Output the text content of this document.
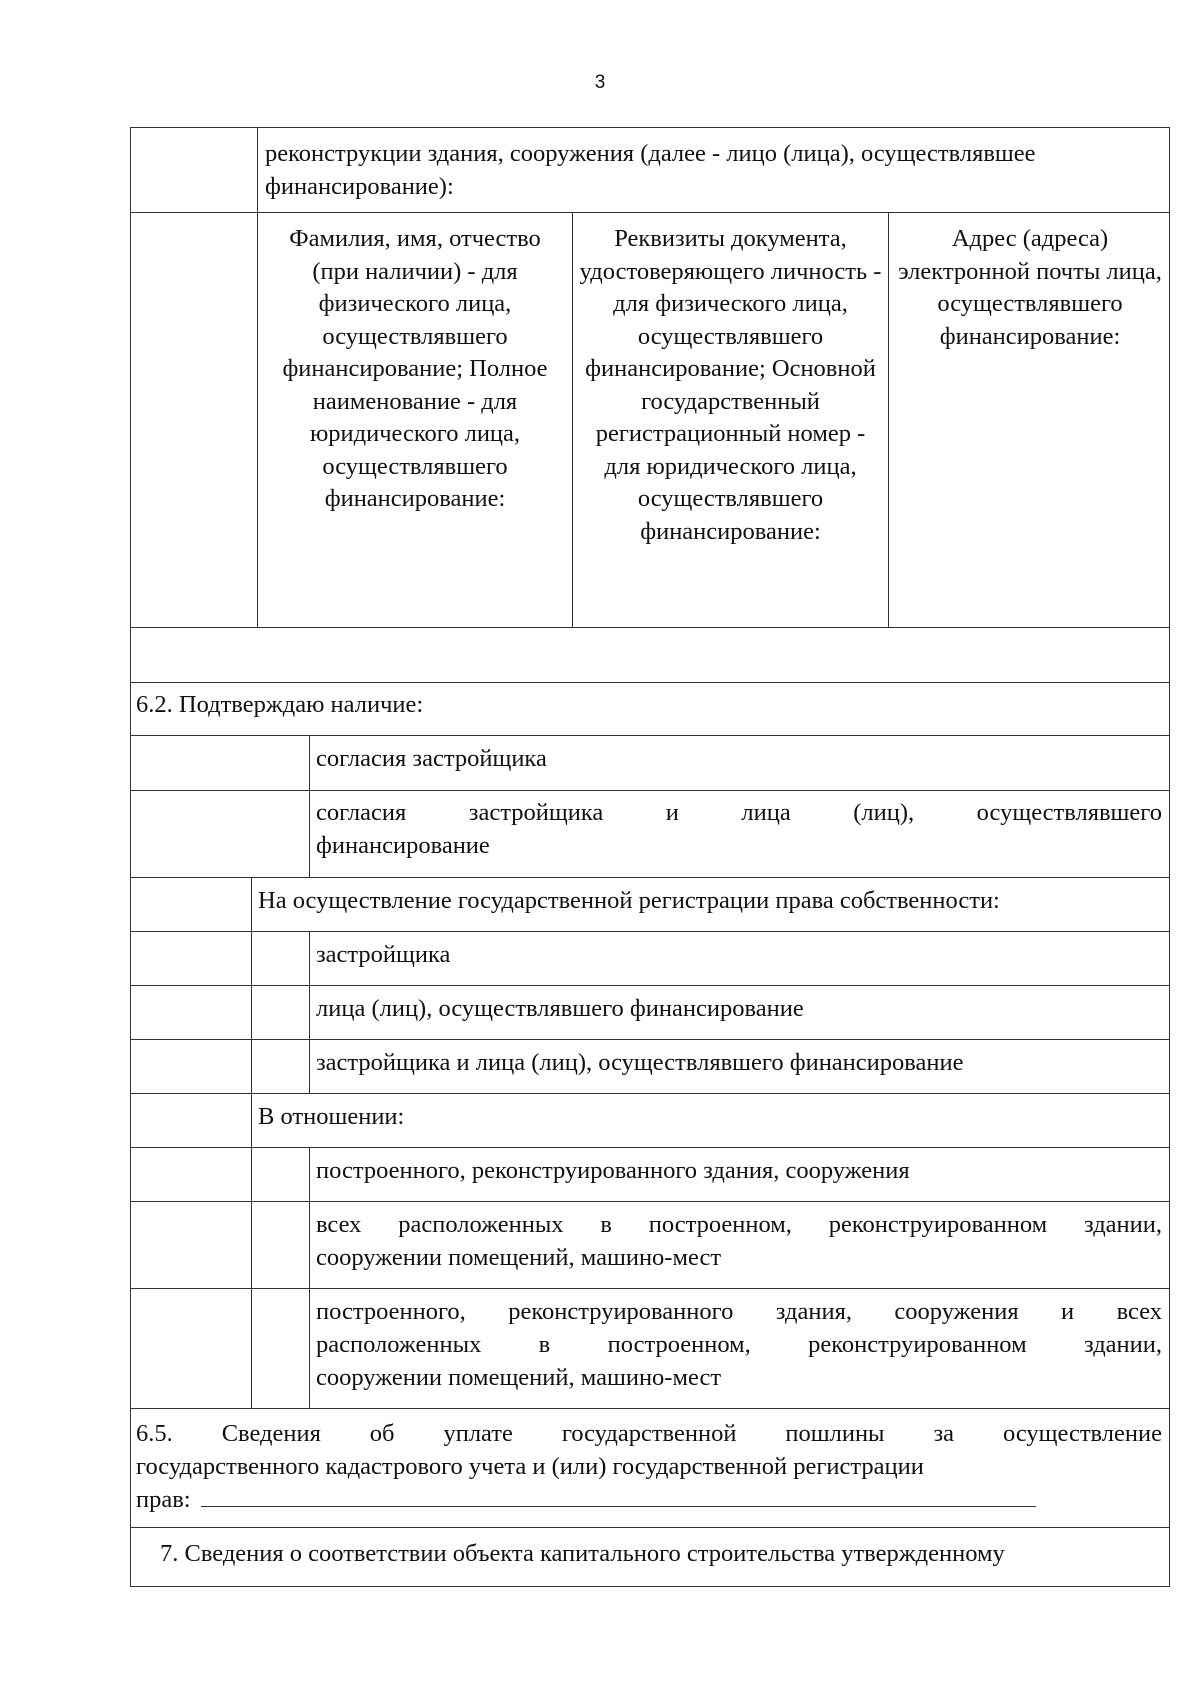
3
реконструкции здания, сооружения (далее - лицо (лица), осуществлявшее
финансирование):
Фамилия, имя, отчество (при наличии) - для физического лица, осуществлявшего финансирование; Полное наименование - для юридического лица, осуществлявшего финансирование:
Реквизиты документа, удостоверяющего личность - для физического лица, осуществлявшего финансирование; Основной государственный регистрационный номер - для юридического лица, осуществлявшего финансирование:
Адрес (адреса) электронной почты лица, осуществлявшего финансирование:
6.2. Подтверждаю наличие:
согласия застройщика
согласия застройщика и лица (лиц), осуществлявшего
финансирование
На осуществление государственной регистрации права собственности:
застройщика
лица (лиц), осуществлявшего финансирование
застройщика и лица (лиц), осуществлявшего финансирование
В отношении:
построенного, реконструированного здания, сооружения
всех расположенных в построенном, реконструированном здании,
сооружении помещений, машино-мест
построенного, реконструированного здания, сооружения и всех
расположенных в построенном, реконструированном здании,
сооружении помещений, машино-мест
6.5. Сведения об уплате государственной пошлины за осуществление
государственного кадастрового учета и (или) государственной регистрации
прав:
7. Сведения о соответствии объекта капитального строительства утвержденному
